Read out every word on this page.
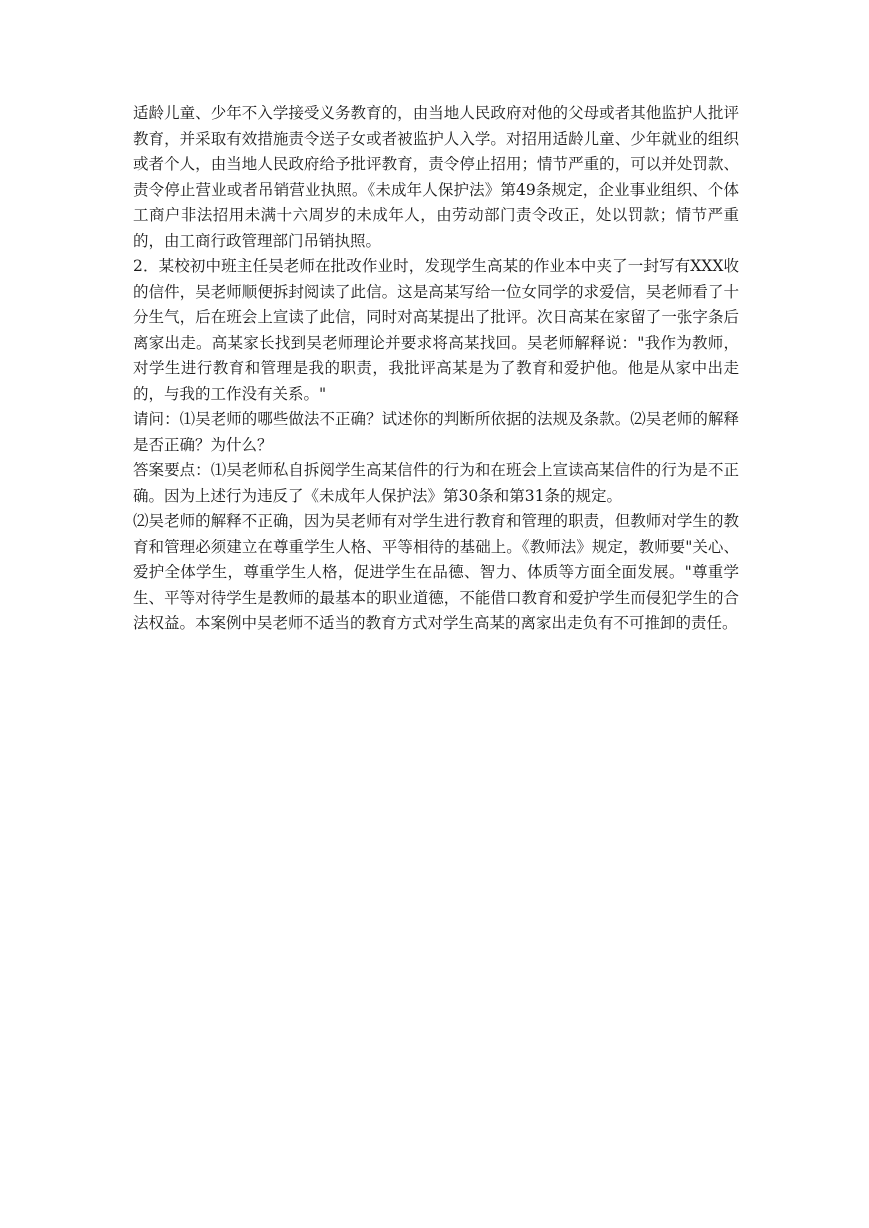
适龄儿童、少年不入学接受义务教育的，由当地人民政府对他的父母或者其他监护人批评教育，并采取有效措施责令送子女或者被监护人入学。对招用适龄儿童、少年就业的组织或者个人，由当地人民政府给予批评教育，责令停止招用；情节严重的，可以并处罚款、责令停止营业或者吊销营业执照。《未成年人保护法》第49条规定，企业事业组织、个体工商户非法招用未满十六周岁的未成年人，由劳动部门责令改正，处以罚款；情节严重的，由工商行政管理部门吊销执照。

2．某校初中班主任吴老师在批改作业时，发现学生高某的作业本中夹了一封写有XXX收的信件，吴老师顺便拆封阅读了此信。这是高某写给一位女同学的求爱信，吴老师看了十分生气，后在班会上宣读了此信，同时对高某提出了批评。次日高某在家留了一张字条后离家出走。高某家长找到吴老师理论并要求将高某找回。吴老师解释说："我作为教师，对学生进行教育和管理是我的职责，我批评高某是为了教育和爱护他。他是从家中出走的，与我的工作没有关系。"

请问：⑴吴老师的哪些做法不正确？试述你的判断所依据的法规及条款。⑵吴老师的解释是否正确？为什么？

答案要点：⑴吴老师私自拆阅学生高某信件的行为和在班会上宣读高某信件的行为是不正确。因为上述行为违反了《未成年人保护法》第30条和第31条的规定。

⑵吴老师的解释不正确，因为吴老师有对学生进行教育和管理的职责，但教师对学生的教育和管理必须建立在尊重学生人格、平等相待的基础上。《教师法》规定，教师要"关心、爱护全体学生，尊重学生人格，促进学生在品德、智力、体质等方面全面发展。"尊重学生、平等对待学生是教师的最基本的职业道德，不能借口教育和爱护学生而侵犯学生的合法权益。本案例中吴老师不适当的教育方式对学生高某的离家出走负有不可推卸的责任。
